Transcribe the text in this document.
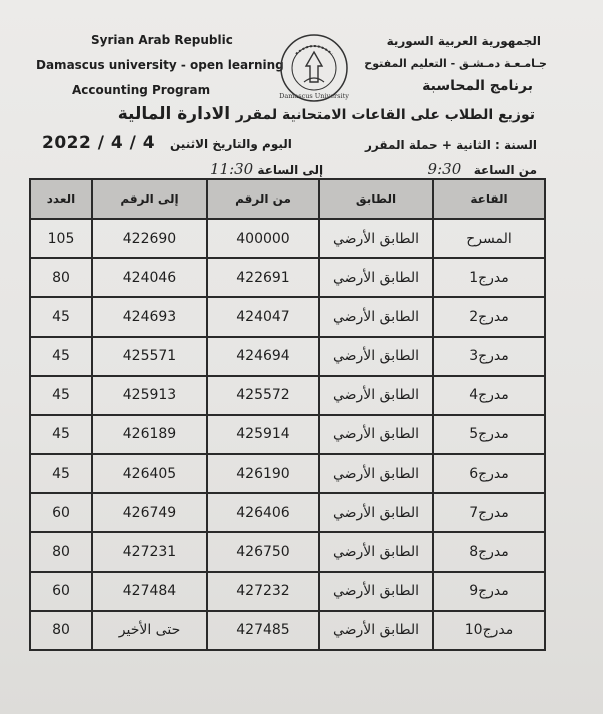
Syrian Arab Republic
Damascus university - open learning
Accounting Program	Damascus University
الجمهورية العربية السورية
جـامـعـة دمـشـق - التعليم المفتوح
برنامج المحاسبة
توزيع الطلاب على القاعات الامتحانية لمقرر الادارة المالية
2022 / 4 / 4 اليوم والتاريخ الاثنين	السنة : الثانية + حملة المقرر
من الساعة   9:30
إلى الساعة 11:30
القاعة	الطابق	من الرقم	إلى الرقم	العدد
المسرح	الطابق الأرضي	400000	422690	105
مدرج1	الطابق الأرضي	422691	424046	80
مدرج2	الطابق الأرضي	424047	424693	45
مدرج3	الطابق الأرضي	424694	425571	45
مدرج4	الطابق الأرضي	425572	425913	45
مدرج5	الطابق الأرضي	425914	426189	45
مدرج6	الطابق الأرضي	426190	426405	45
مدرج7	الطابق الأرضي	426406	426749	60
مدرج8	الطابق الأرضي	426750	427231	80
مدرج9	الطابق الأرضي	427232	427484	60
مدرج10	الطابق الأرضي	427485	حتى الأخير	80
